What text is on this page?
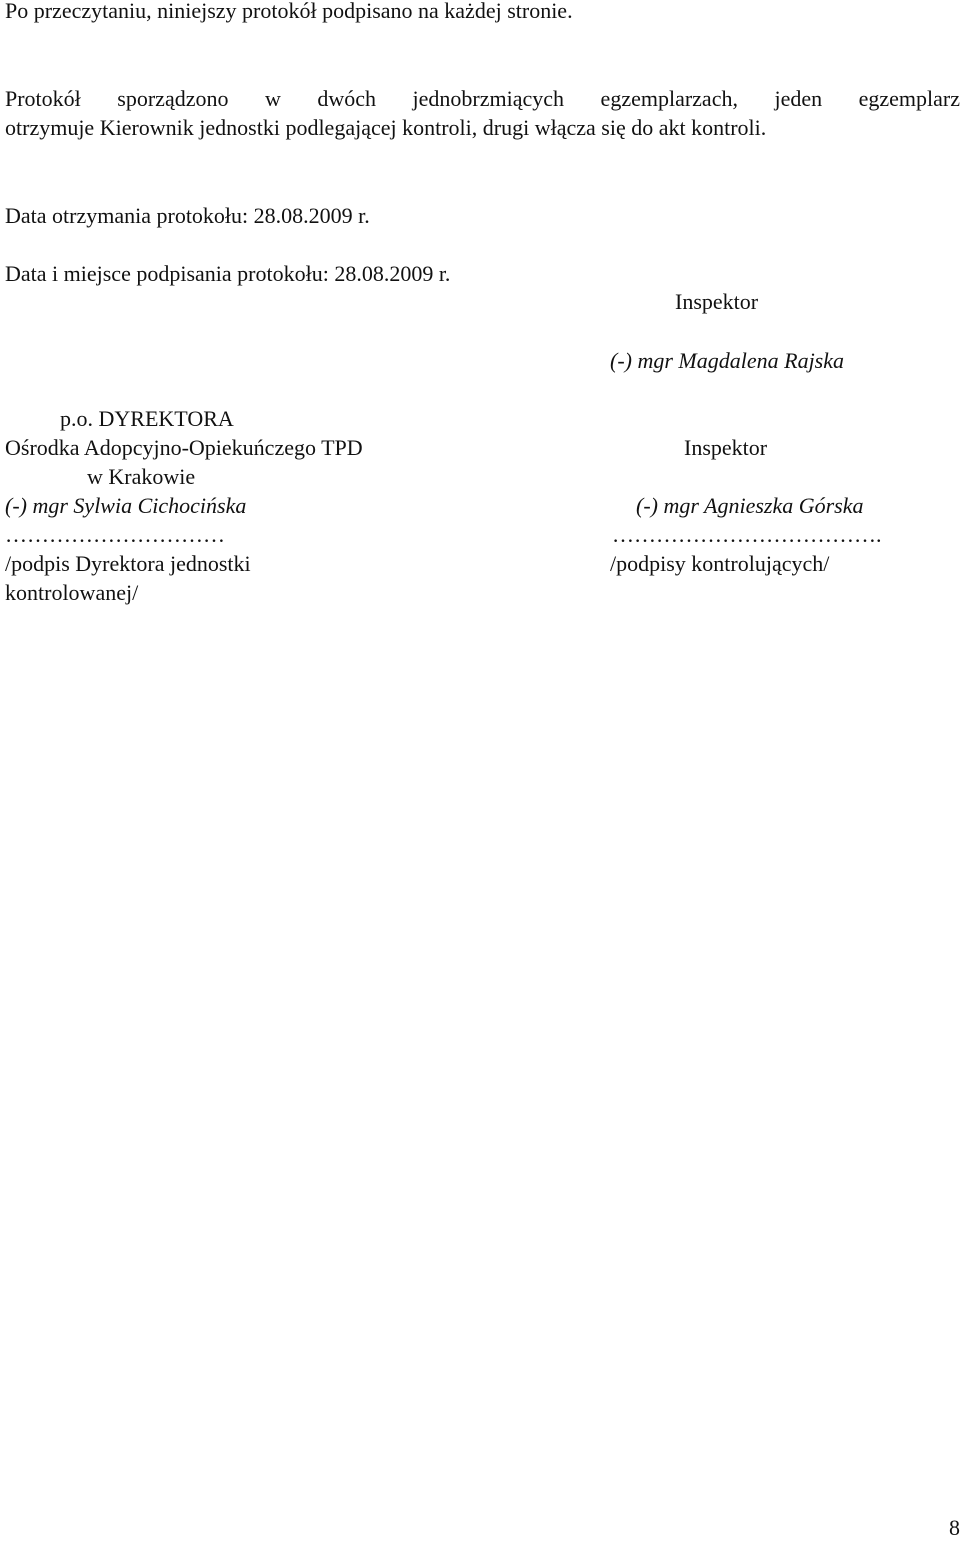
Po przeczytaniu, niniejszy protokół podpisano na każdej stronie.
Protokół sporządzono w dwóch jednobrzmiących egzemplarzach, jeden egzemplarz
otrzymuje Kierownik jednostki podlegającej kontroli, drugi włącza się do akt kontroli.
Data otrzymania protokołu: 28.08.2009 r.
Data i miejsce podpisania protokołu: 28.08.2009 r.
Inspektor
(-) mgr Magdalena Rajska
p.o. DYREKTORA
Ośrodka Adopcyjno-Opiekuńczego TPD
w Krakowie
(-) mgr Sylwia Cichocińska
…………………………
/podpis Dyrektora jednostki
kontrolowanej/
Inspektor
(-) mgr Agnieszka Górska
……………………………….
/podpisy kontrolujących/
8
